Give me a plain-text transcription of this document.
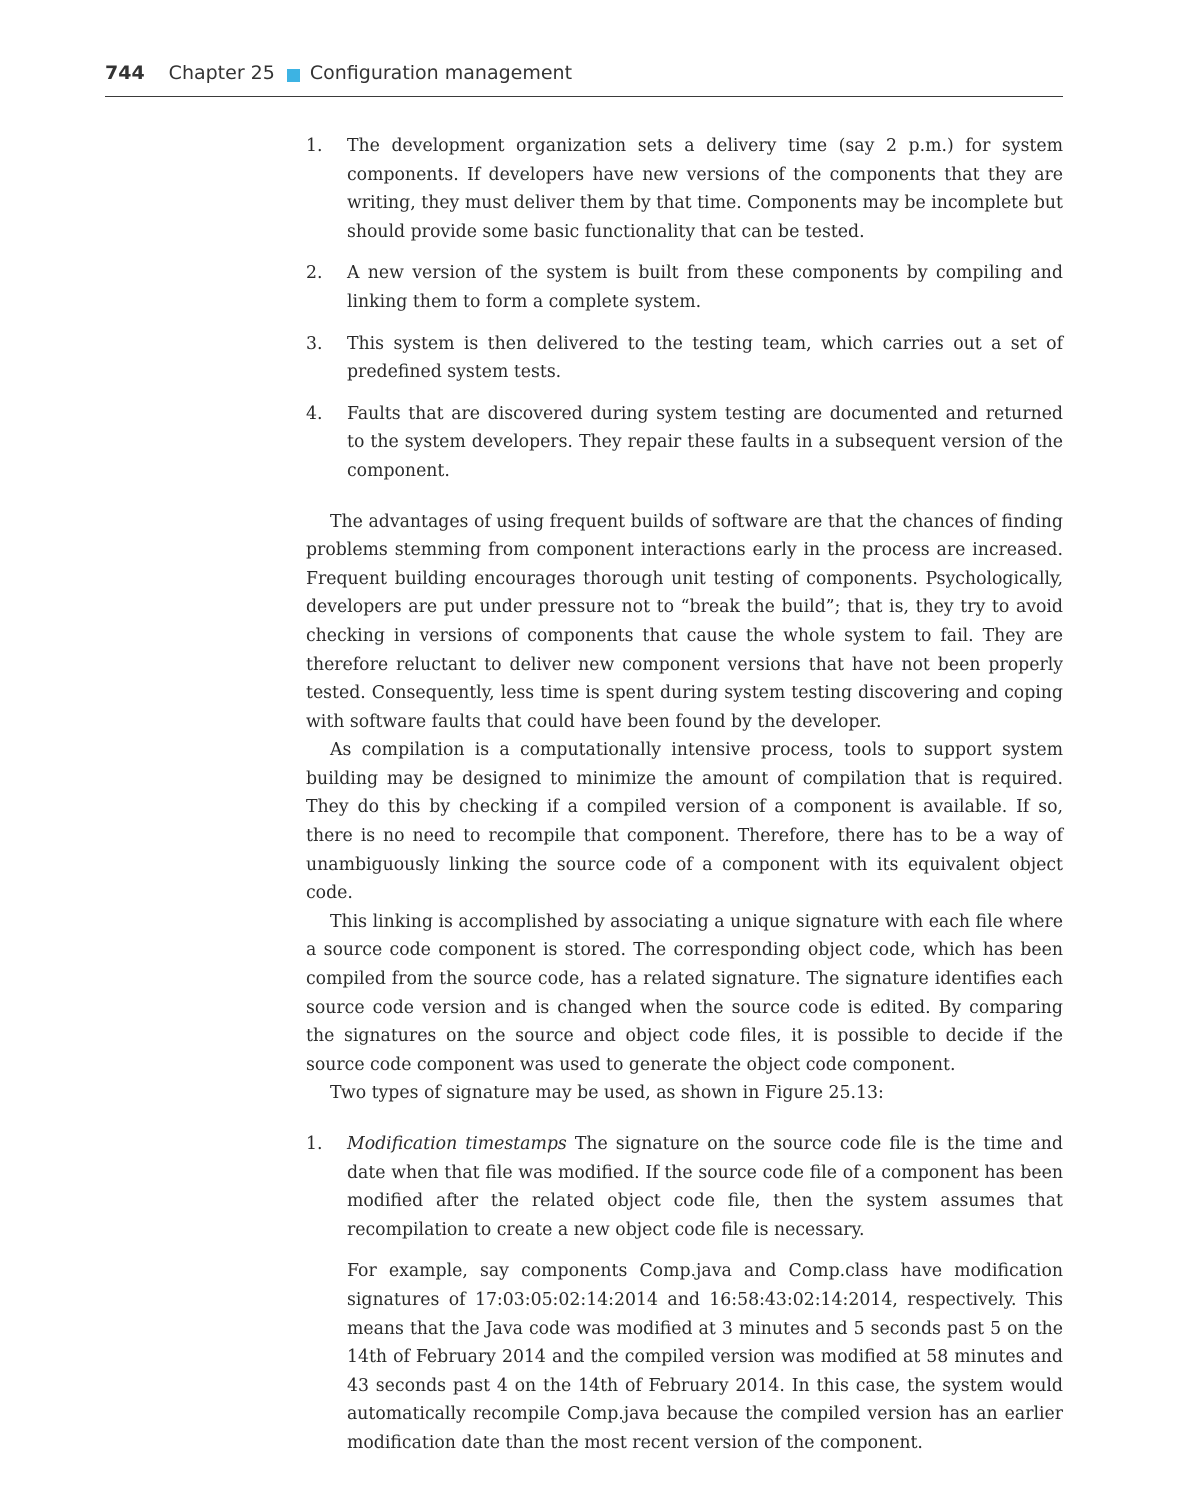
744 Chapter 25 Configuration management
1. The development organization sets a delivery time (say 2 p.m.) for system components. If developers have new versions of the components that they are writing, they must deliver them by that time. Components may be incomplete but should provide some basic functionality that can be tested.
2. A new version of the system is built from these components by compiling and linking them to form a complete system.
3. This system is then delivered to the testing team, which carries out a set of predefined system tests.
4. Faults that are discovered during system testing are documented and returned to the system developers. They repair these faults in a subsequent version of the component.

The advantages of using frequent builds of software are that the chances of finding problems stemming from component interactions early in the process are increased. Frequent building encourages thorough unit testing of components. Psychologically, developers are put under pressure not to “break the build”; that is, they try to avoid checking in versions of components that cause the whole system to fail. They are therefore reluctant to deliver new component versions that have not been properly tested. Consequently, less time is spent during system testing discovering and coping with software faults that could have been found by the developer.

As compilation is a computationally intensive process, tools to support system building may be designed to minimize the amount of compilation that is required. They do this by checking if a compiled version of a component is available. If so, there is no need to recompile that component. Therefore, there has to be a way of unambiguously linking the source code of a component with its equivalent object code.

This linking is accomplished by associating a unique signature with each file where a source code component is stored. The corresponding object code, which has been compiled from the source code, has a related signature. The signature identifies each source code version and is changed when the source code is edited. By comparing the signatures on the source and object code files, it is possible to decide if the source code component was used to generate the object code component.

Two types of signature may be used, as shown in Figure 25.13:

1. Modification timestamps The signature on the source code file is the time and date when that file was modified. If the source code file of a component has been modified after the related object code file, then the system assumes that recompilation to create a new object code file is necessary.

For example, say components Comp.java and Comp.class have modification signatures of 17:03:05:02:14:2014 and 16:58:43:02:14:2014, respectively. This means that the Java code was modified at 3 minutes and 5 seconds past 5 on the 14th of February 2014 and the compiled version was modified at 58 minutes and 43 seconds past 4 on the 14th of February 2014. In this case, the system would automatically recompile Comp.java because the compiled version has an earlier modification date than the most recent version of the component.
